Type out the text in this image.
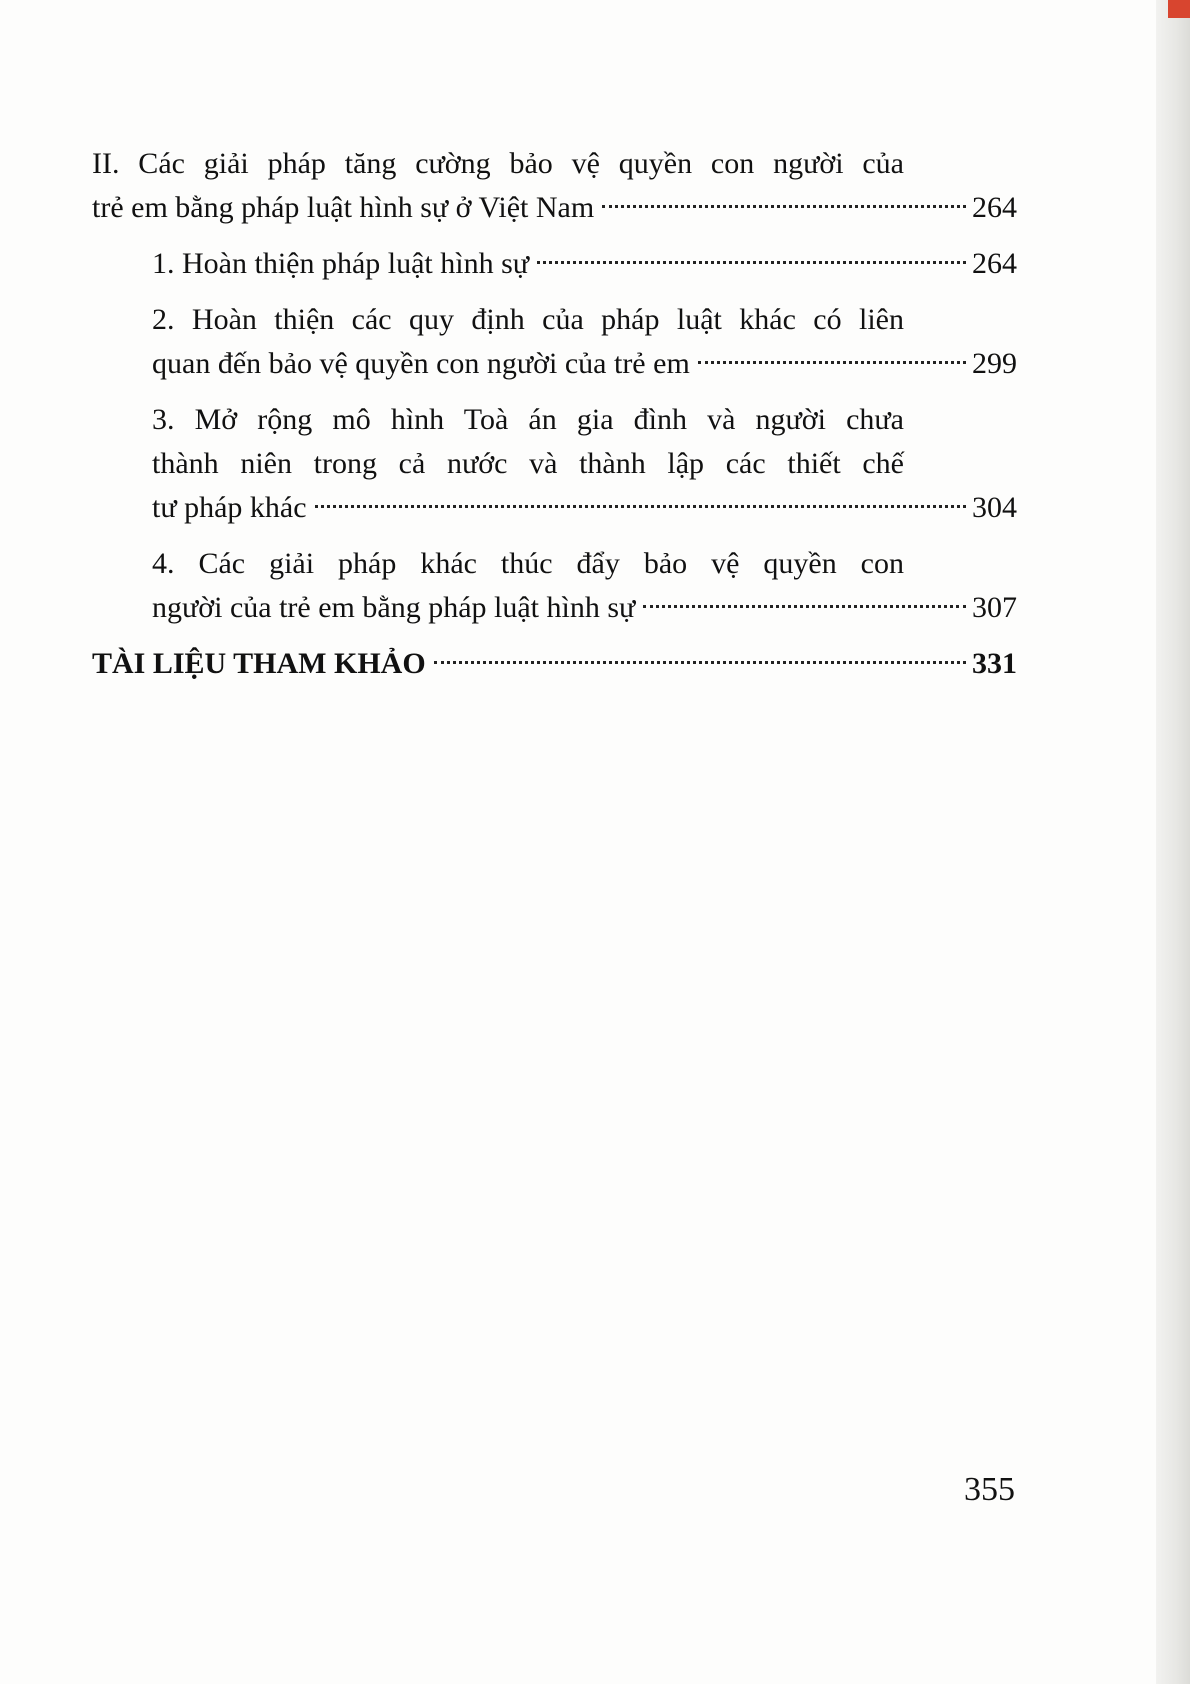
II. Các giải pháp tăng cường bảo vệ quyền con người của
trẻ em bằng pháp luật hình sự ở Việt Nam	264
1. Hoàn thiện pháp luật hình sự	264
2. Hoàn thiện các quy định của pháp luật khác có liên
quan đến bảo vệ quyền con người của trẻ em	299
3. Mở rộng mô hình Toà án gia đình và người chưa
thành niên trong cả nước và thành lập các thiết chế
tư pháp khác	304
4. Các giải pháp khác thúc đẩy bảo vệ quyền con
người của trẻ em bằng pháp luật hình sự	307
TÀI LIỆU THAM KHẢO	331
355
